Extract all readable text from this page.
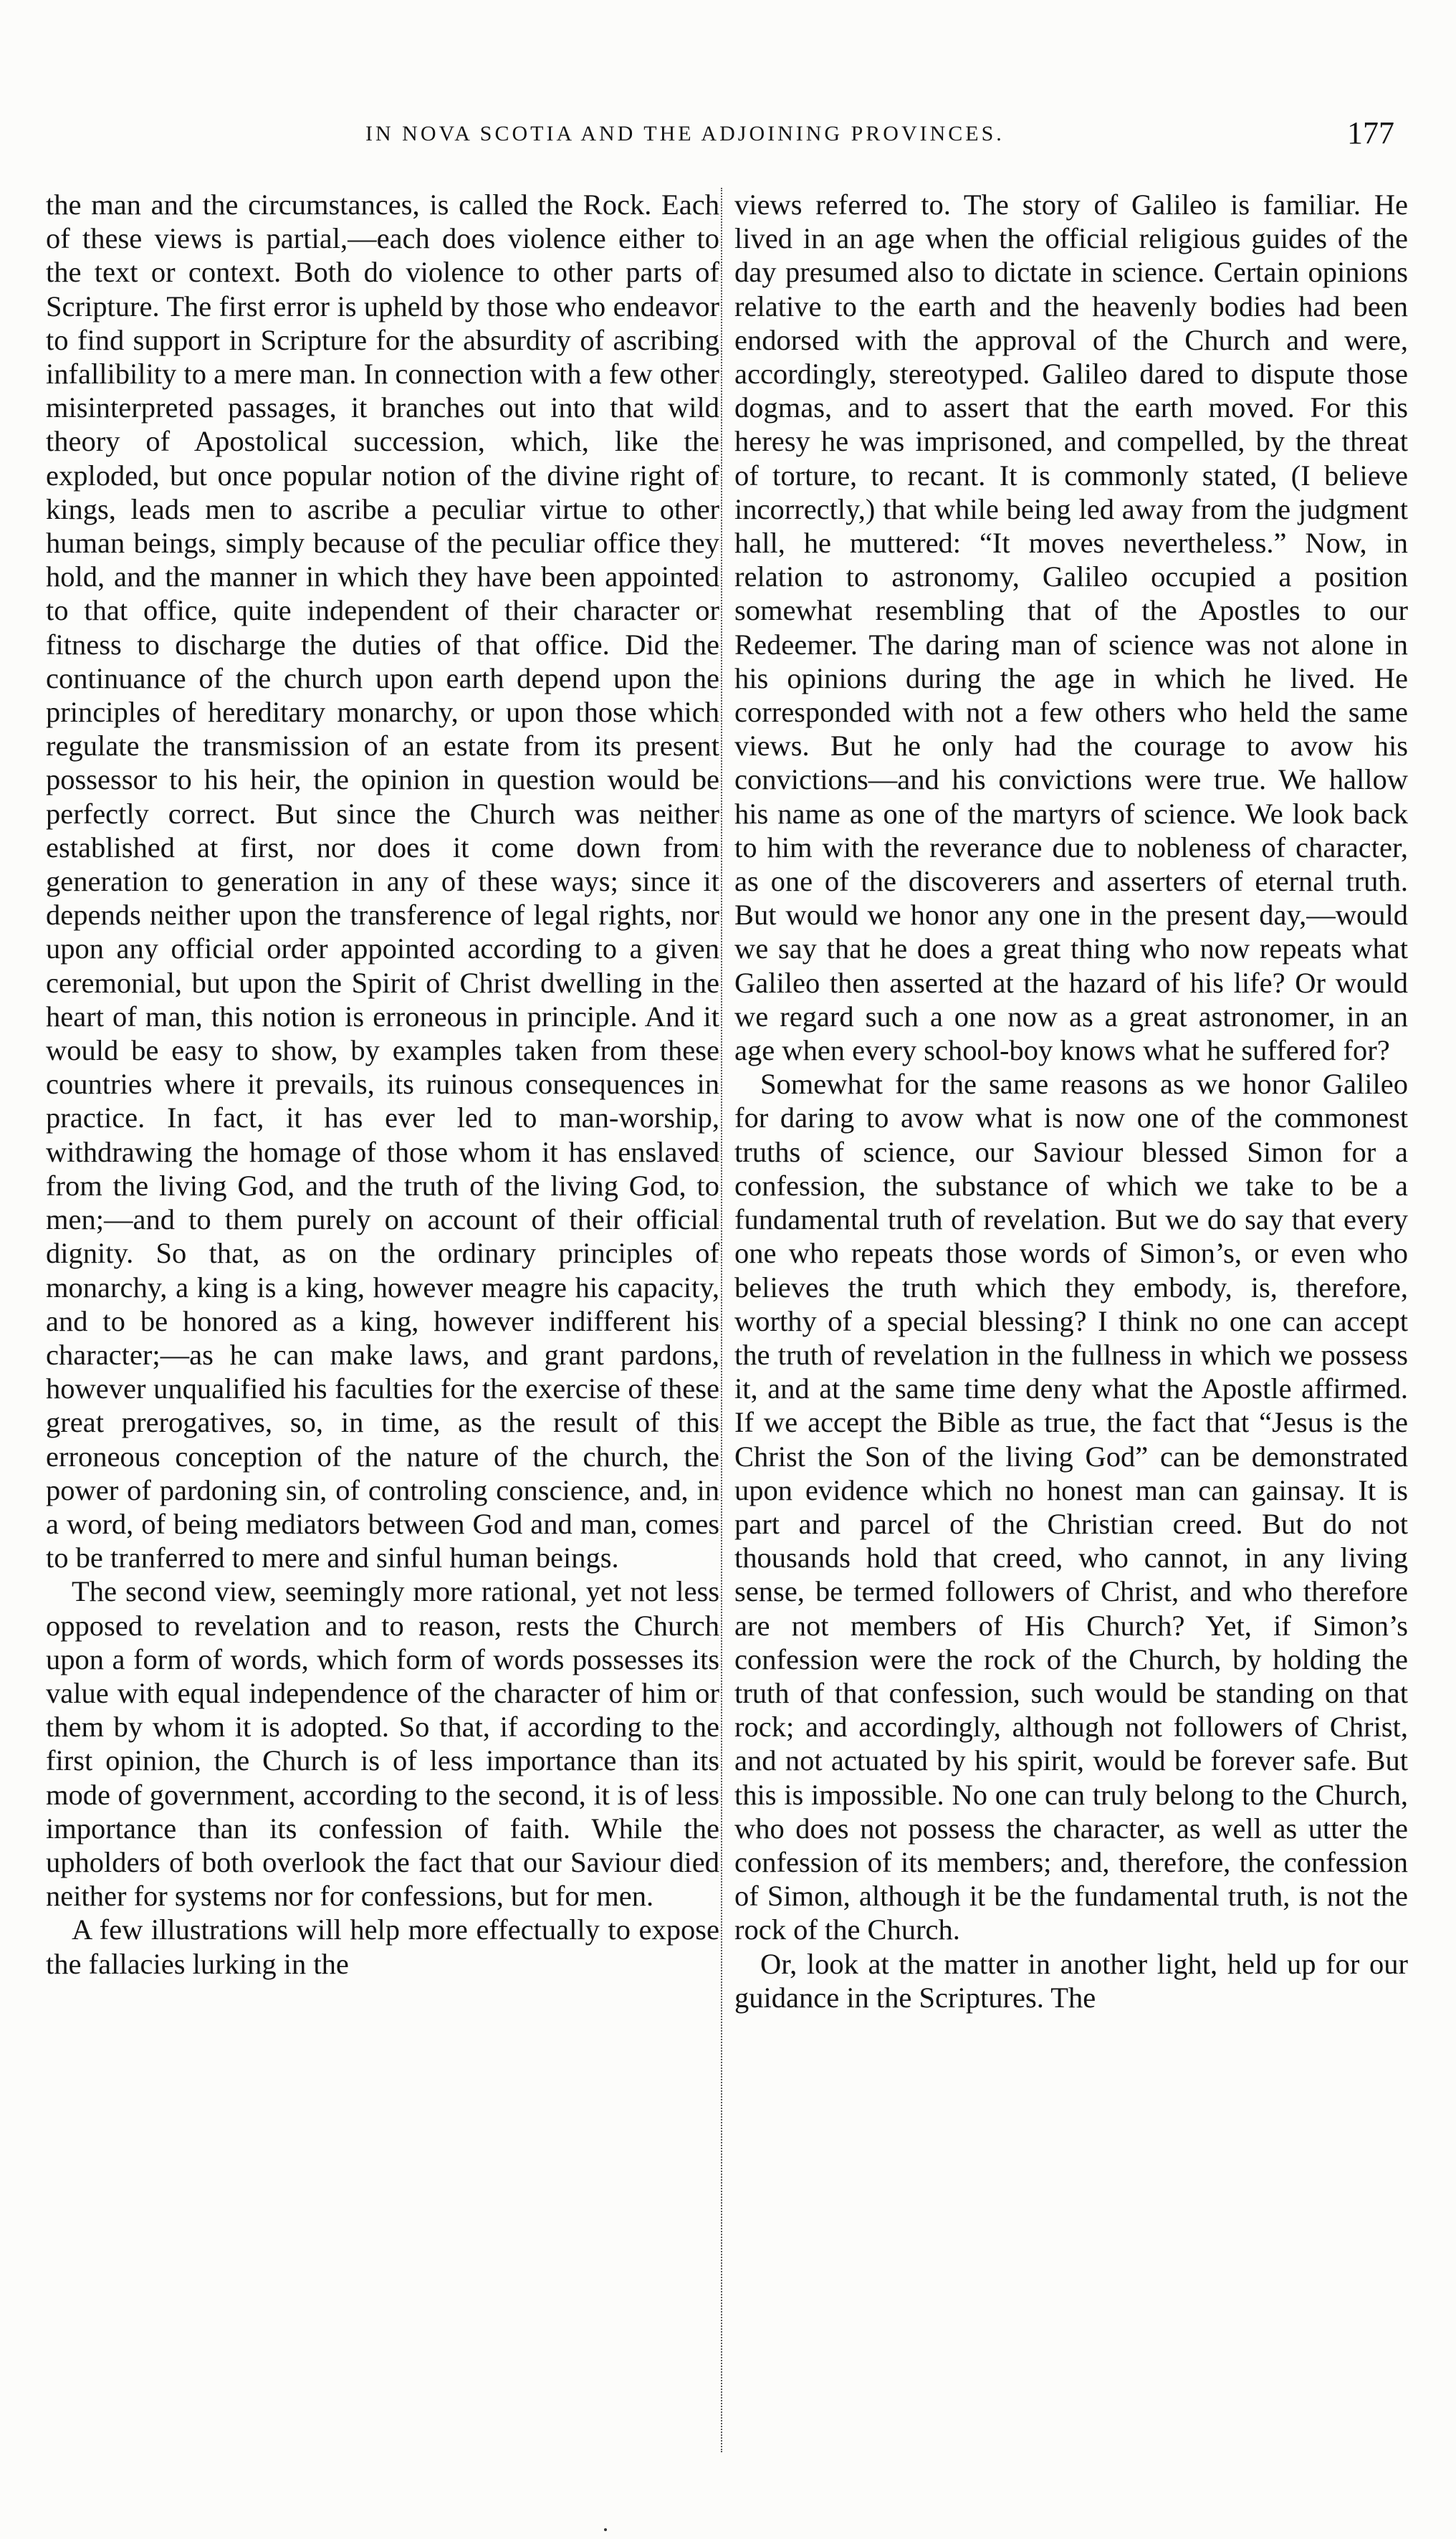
IN NOVA SCOTIA AND THE ADJOINING PROVINCES.	177

the man and the circumstances, is called the Rock. Each of these views is partial,—each does violence either to the text or context. Both do violence to other parts of Scripture. The first error is upheld by those who endeavor to find support in Scripture for the absurdity of ascribing infallibility to a mere man. In connection with a few other misinterpreted passages, it branches out into that wild theory of Apostolical succession, which, like the exploded, but once popular notion of the divine right of kings, leads men to ascribe a peculiar virtue to other human beings, simply because of the peculiar office they hold, and the manner in which they have been appointed to that office, quite independent of their character or fitness to discharge the duties of that office. Did the continuance of the church upon earth depend upon the principles of hereditary monarchy, or upon those which regulate the transmission of an estate from its present possessor to his heir, the opinion in question would be perfectly correct. But since the Church was neither established at first, nor does it come down from generation to generation in any of these ways; since it depends neither upon the transference of legal rights, nor upon any official order appointed according to a given ceremonial, but upon the Spirit of Christ dwelling in the heart of man, this notion is erroneous in principle. And it would be easy to show, by examples taken from these countries where it prevails, its ruinous consequences in practice. In fact, it has ever led to man-worship, withdrawing the homage of those whom it has enslaved from the living God, and the truth of the living God, to men;—and to them purely on account of their official dignity. So that, as on the ordinary principles of monarchy, a king is a king, however meagre his capacity, and to be honored as a king, however indifferent his character;—as he can make laws, and grant pardons, however unqualified his faculties for the exercise of these great prerogatives, so, in time, as the result of this erroneous conception of the nature of the church, the power of pardoning sin, of controling conscience, and, in a word, of being mediators between God and man, comes to be tranferred to mere and sinful human beings.

The second view, seemingly more rational, yet not less opposed to revelation and to reason, rests the Church upon a form of words, which form of words possesses its value with equal independence of the character of him or them by whom it is adopted. So that, if according to the first opinion, the Church is of less importance than its mode of government, according to the second, it is of less importance than its confession of faith. While the upholders of both overlook the fact that our Saviour died neither for systems nor for confessions, but for men.

A few illustrations will help more effectually to expose the fallacies lurking in the

views referred to. The story of Galileo is familiar. He lived in an age when the official religious guides of the day presumed also to dictate in science. Certain opinions relative to the earth and the heavenly bodies had been endorsed with the approval of the Church and were, accordingly, stereotyped. Galileo dared to dispute those dogmas, and to assert that the earth moved. For this heresy he was imprisoned, and compelled, by the threat of torture, to recant. It is commonly stated, (I believe incorrectly,) that while being led away from the judgment hall, he muttered: “It moves nevertheless.” Now, in relation to astronomy, Galileo occupied a position somewhat resembling that of the Apostles to our Redeemer. The daring man of science was not alone in his opinions during the age in which he lived. He corresponded with not a few others who held the same views. But he only had the courage to avow his convictions—and his convictions were true. We hallow his name as one of the martyrs of science. We look back to him with the reverance due to nobleness of character, as one of the discoverers and asserters of eternal truth. But would we honor any one in the present day,—would we say that he does a great thing who now repeats what Galileo then asserted at the hazard of his life? Or would we regard such a one now as a great astronomer, in an age when every school-boy knows what he suffered for?

Somewhat for the same reasons as we honor Galileo for daring to avow what is now one of the commonest truths of science, our Saviour blessed Simon for a confession, the substance of which we take to be a fundamental truth of revelation. But we do say that every one who repeats those words of Simon’s, or even who believes the truth which they embody, is, therefore, worthy of a special blessing? I think no one can accept the truth of revelation in the fullness in which we possess it, and at the same time deny what the Apostle affirmed. If we accept the Bible as true, the fact that “Jesus is the Christ the Son of the living God” can be demonstrated upon evidence which no honest man can gainsay. It is part and parcel of the Christian creed. But do not thousands hold that creed, who cannot, in any living sense, be termed followers of Christ, and who therefore are not members of His Church? Yet, if Simon’s confession were the rock of the Church, by holding the truth of that confession, such would be standing on that rock; and accordingly, although not followers of Christ, and not actuated by his spirit, would be forever safe. But this is impossible. No one can truly belong to the Church, who does not possess the character, as well as utter the confession of its members; and, therefore, the confession of Simon, although it be the fundamental truth, is not the rock of the Church.

Or, look at the matter in another light, held up for our guidance in the Scriptures. The
